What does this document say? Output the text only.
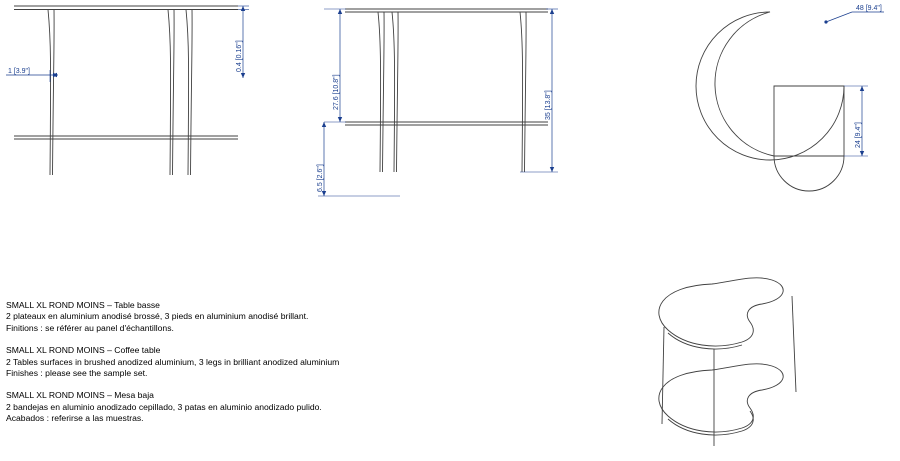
0.4 [0.16"]
1 [3.9"]
27.6 [10.8"]	35 [13.8"]
6.5 [2.6"]
48 [9.4"]
24 [9.4"]
SMALL XL ROND MOINS – Table basse
2 plateaux en aluminium anodisé brossé, 3 pieds en aluminium anodisé brillant.
Finitions : se référer au panel d'échantillons.
SMALL XL ROND MOINS – Coffee table
2 Tables surfaces in brushed anodized aluminium, 3 legs in brilliant anodized aluminium
Finishes : please see the sample set.
SMALL XL ROND MOINS – Mesa baja
2 bandejas en aluminio anodizado cepillado, 3 patas en aluminio anodizado pulido.
Acabados : referirse a las muestras.
